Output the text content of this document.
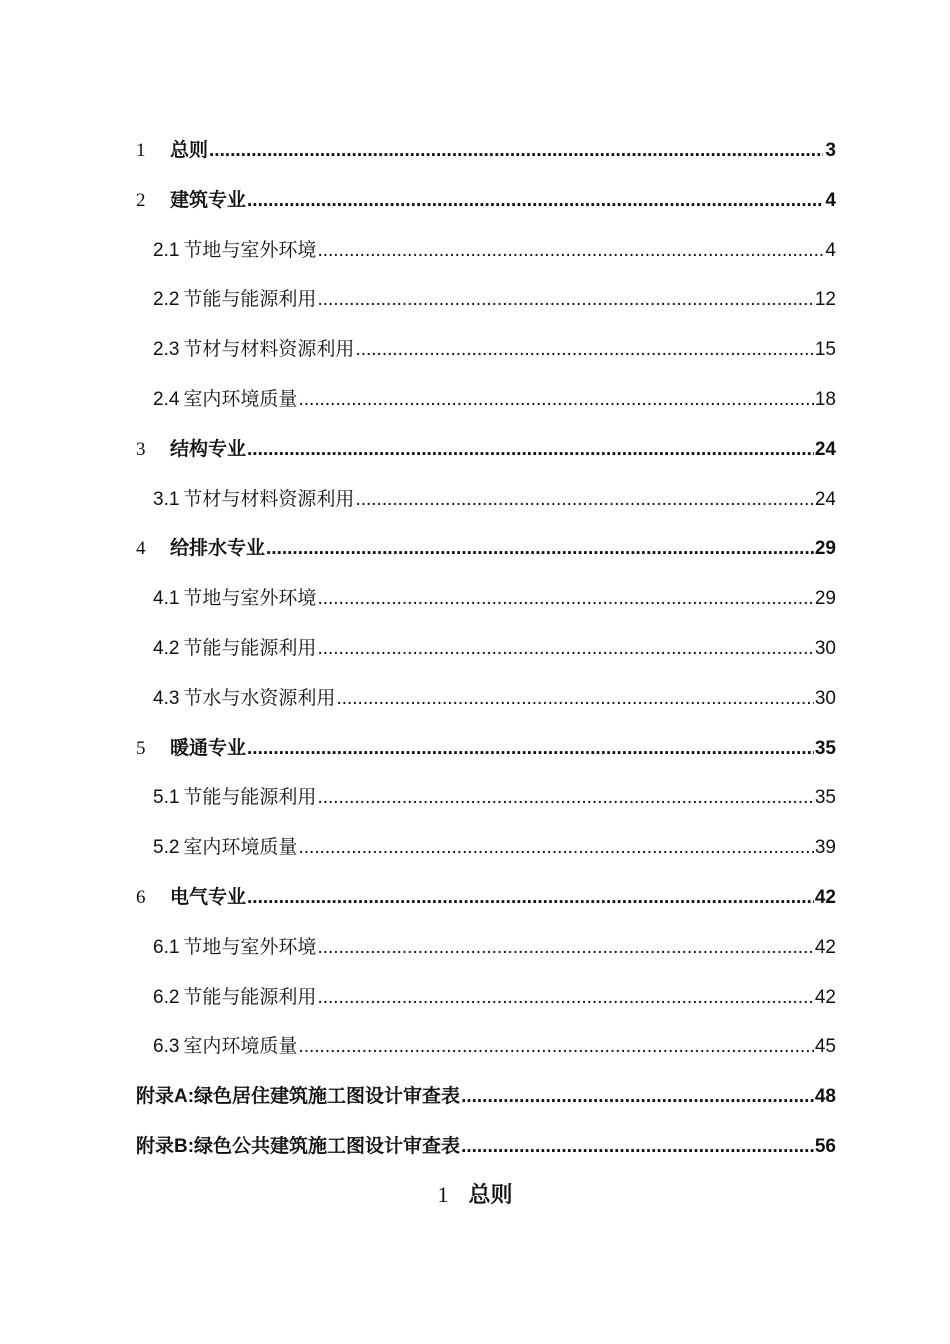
1	总则 .....	3
2	建筑专业 .....	4
2.1 节地与室外环境 .....	4
2.2 节能与能源利用 .....	12
2.3 节材与材料资源利用 .....	15
2.4 室内环境质量 .....	18
3	结构专业 .....	24
3.1 节材与材料资源利用 .....	24
4	给排水专业 .....	29
4.1 节地与室外环境 .....	29
4.2 节能与能源利用 .....	30
4.3 节水与水资源利用 .....	30
5	暖通专业 .....	35
5.1 节能与能源利用 .....	35
5.2 室内环境质量 .....	39
6	电气专业 .....	42
6.1 节地与室外环境 .....	42
6.2 节能与能源利用 .....	42
6.3 室内环境质量 .....	45
附录A:绿色居住建筑施工图设计审查表 .....	48
附录B:绿色公共建筑施工图设计审查表 .....	56
1 总则
